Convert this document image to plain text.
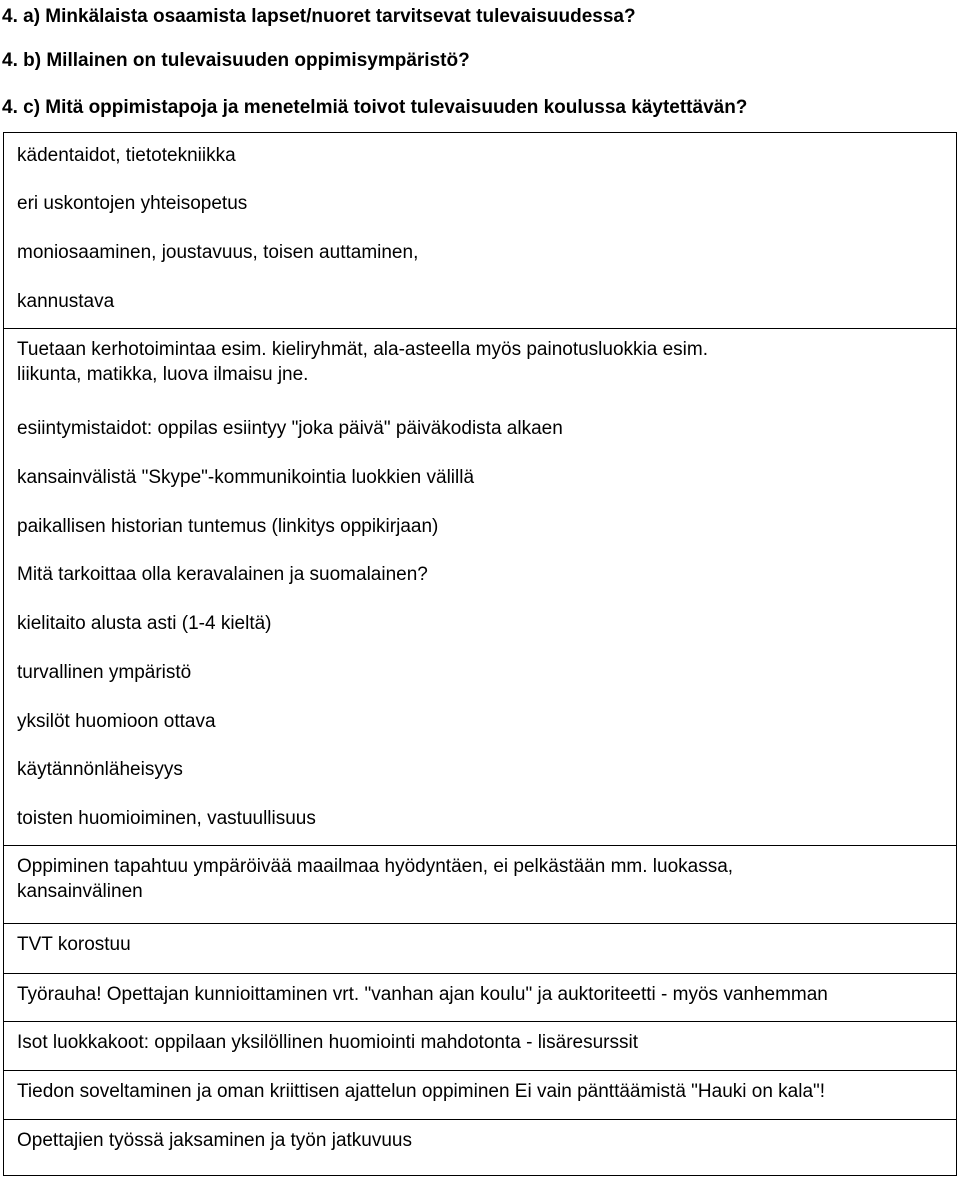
4. a) Minkälaista osaamista lapset/nuoret tarvitsevat tulevaisuudessa?
4. b) Millainen on tulevaisuuden oppimisympäristö?
4. c) Mitä oppimistapoja ja menetelmiä toivot tulevaisuuden koulussa käytettävän?
kädentaidot, tietotekniikka
eri uskontojen yhteisopetus
moniosaaminen, joustavuus, toisen auttaminen,
kannustava
Tuetaan kerhotoimintaa esim. kieliryhmät, ala-asteella myös painotusluokkia esim.
liikunta, matikka, luova ilmaisu jne.
esiintymistaidot: oppilas esiintyy "joka päivä" päiväkodista alkaen
kansainvälistä "Skype"-kommunikointia luokkien välillä
paikallisen historian tuntemus (linkitys oppikirjaan)
Mitä tarkoittaa olla keravalainen ja suomalainen?
kielitaito alusta asti (1-4 kieltä)
turvallinen ympäristö
yksilöt huomioon ottava
käytännönläheisyys
toisten huomioiminen, vastuullisuus
Oppiminen tapahtuu ympäröivää maailmaa hyödyntäen, ei pelkästään mm. luokassa,
kansainvälinen
TVT korostuu
Työrauha! Opettajan kunnioittaminen vrt. "vanhan ajan koulu" ja auktoriteetti - myös vanhemman
Isot luokkakoot: oppilaan yksilöllinen huomiointi mahdotonta - lisäresurssit
Tiedon soveltaminen ja oman kriittisen ajattelun oppiminen Ei vain pänttäämistä "Hauki on kala"!
Opettajien työssä jaksaminen ja työn jatkuvuus
